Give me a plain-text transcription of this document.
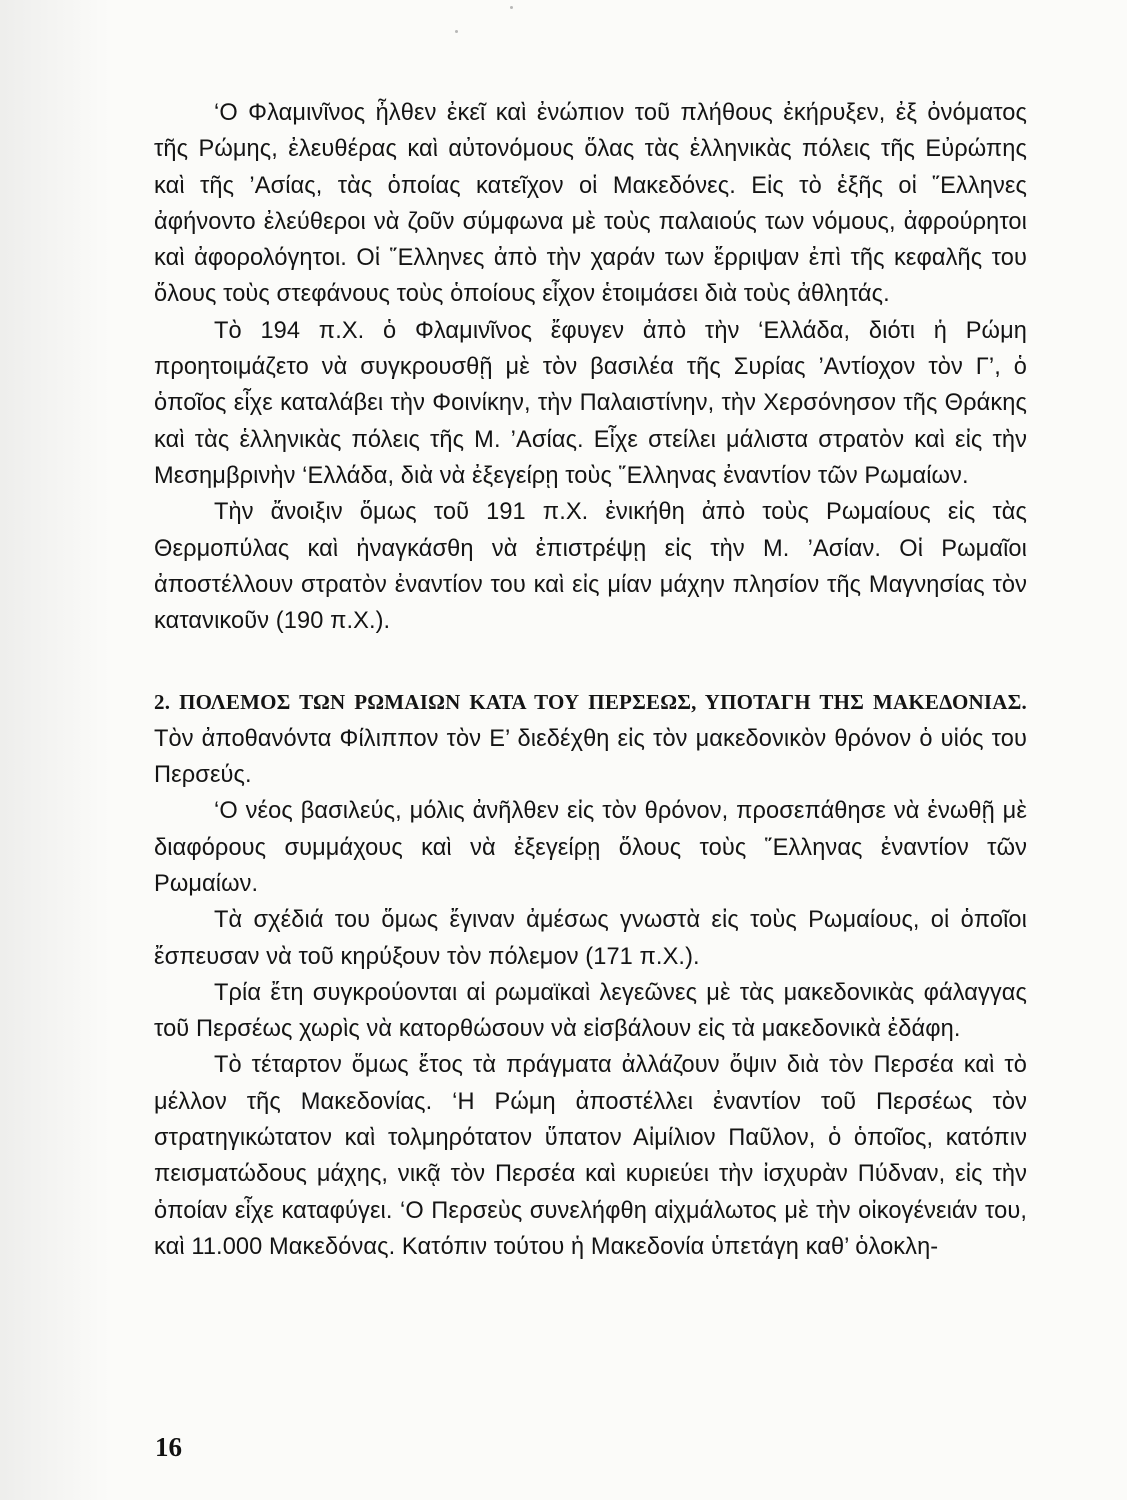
‘Ο Φλαμινῖνος ἦλθεν ἐκεῖ καὶ ἐνώπιον τοῦ πλήθους ἐκήρυξεν, ἐξ ὀνόματος τῆς Ρώμης, ἐλευθέρας καὶ αὐτονόμους ὅλας τὰς ἑλληνικὰς πόλεις τῆς Εὐρώπης καὶ τῆς ’Ασίας, τὰς ὁποίας κατεῖχον οἱ Μακεδόνες. Εἰς τὸ ἑξῆς οἱ ῞Ελληνες ἀφήνοντο ἐλεύθεροι νὰ ζοῦν σύμφωνα μὲ τοὺς παλαιούς των νόμους, ἀφρούρητοι καὶ ἀφορολόγητοι. Οἱ ῞Ελληνες ἀπὸ τὴν χαράν των ἔρριψαν ἐπὶ τῆς κεφαλῆς του ὅλους τοὺς στεφάνους τοὺς ὁποίους εἶχον ἑτοιμάσει διὰ τοὺς ἀθλητάς.

Τὸ 194 π.Χ. ὁ Φλαμινῖνος ἔφυγεν ἀπὸ τὴν ‘Ελλάδα, διότι ἡ Ρώμη προητοιμάζετο νὰ συγκρουσθῇ μὲ τὸν βασιλέα τῆς Συρίας ’Αντίοχον τὸν Γ’, ὁ ὁποῖος εἶχε καταλάβει τὴν Φοινίκην, τὴν Παλαιστίνην, τὴν Χερσόνησον τῆς Θράκης καὶ τὰς ἑλληνικὰς πόλεις τῆς Μ. ’Ασίας. Εἶχε στείλει μάλιστα στρατὸν καὶ εἰς τὴν Μεσημβρινὴν ‘Ελλάδα, διὰ νὰ ἐξεγείρῃ τοὺς ῞Ελληνας ἐναντίον τῶν Ρωμαίων.

Τὴν ἄνοιξιν ὅμως τοῦ 191 π.Χ. ἐνικήθη ἀπὸ τοὺς Ρωμαίους εἰς τὰς Θερμοπύλας καὶ ἠναγκάσθη νὰ ἐπιστρέψῃ εἰς τὴν Μ. ’Ασίαν. Οἱ Ρωμαῖοι ἀποστέλλουν στρατὸν ἐναντίον του καὶ εἰς μίαν μάχην πλησίον τῆς Μαγνησίας τὸν κατανικοῦν (190 π.Χ.).

2. ΠΟΛΕΜΟΣ ΤΩΝ ΡΩΜΑΙΩΝ ΚΑΤΑ ΤΟΥ ΠΕΡΣΕΩΣ, ΥΠΟΤΑΓΗ ΤΗΣ ΜΑΚΕΔΟΝΙΑΣ. Τὸν ἀποθανόντα Φίλιππον τὸν Ε’ διεδέχθη εἰς τὸν μακεδονικὸν θρόνον ὁ υἱός του Περσεύς.

‘Ο νέος βασιλεύς, μόλις ἀνῆλθεν εἰς τὸν θρόνον, προσεπάθησε νὰ ἑνωθῇ μὲ διαφόρους συμμάχους καὶ νὰ ἐξεγείρῃ ὅλους τοὺς ῞Ελληνας ἐναντίον τῶν Ρωμαίων.

Τὰ σχέδιά του ὅμως ἔγιναν ἀμέσως γνωστὰ εἰς τοὺς Ρωμαίους, οἱ ὁποῖοι ἔσπευσαν νὰ τοῦ κηρύξουν τὸν πόλεμον (171 π.Χ.).

Τρία ἔτη συγκρούονται αἱ ρωμαϊκαὶ λεγεῶνες μὲ τὰς μακεδονικὰς φάλαγγας τοῦ Περσέως χωρὶς νὰ κατορθώσουν νὰ εἰσβάλουν εἰς τὰ μακεδονικὰ ἐδάφη.

Τὸ τέταρτον ὅμως ἔτος τὰ πράγματα ἀλλάζουν ὄψιν διὰ τὸν Περσέα καὶ τὸ μέλλον τῆς Μακεδονίας. ‘Η Ρώμη ἀποστέλλει ἐναντίον τοῦ Περσέως τὸν στρατηγικώτατον καὶ τολμηρότατον ὕπατον Αἰμίλιον Παῦλον, ὁ ὁποῖος, κατόπιν πεισματώδους μάχης, νικᾷ τὸν Περσέα καὶ κυριεύει τὴν ἰσχυρὰν Πύδναν, εἰς τὴν ὁποίαν εἶχε καταφύγει. ‘Ο Περσεὺς συνελήφθη αἰχμάλωτος μὲ τὴν οἰκογένειάν του, καὶ 11.000 Μακεδόνας. Κατόπιν τούτου ἡ Μακεδονία ὑπετάγη καθ’ ὁλοκλη-

16
